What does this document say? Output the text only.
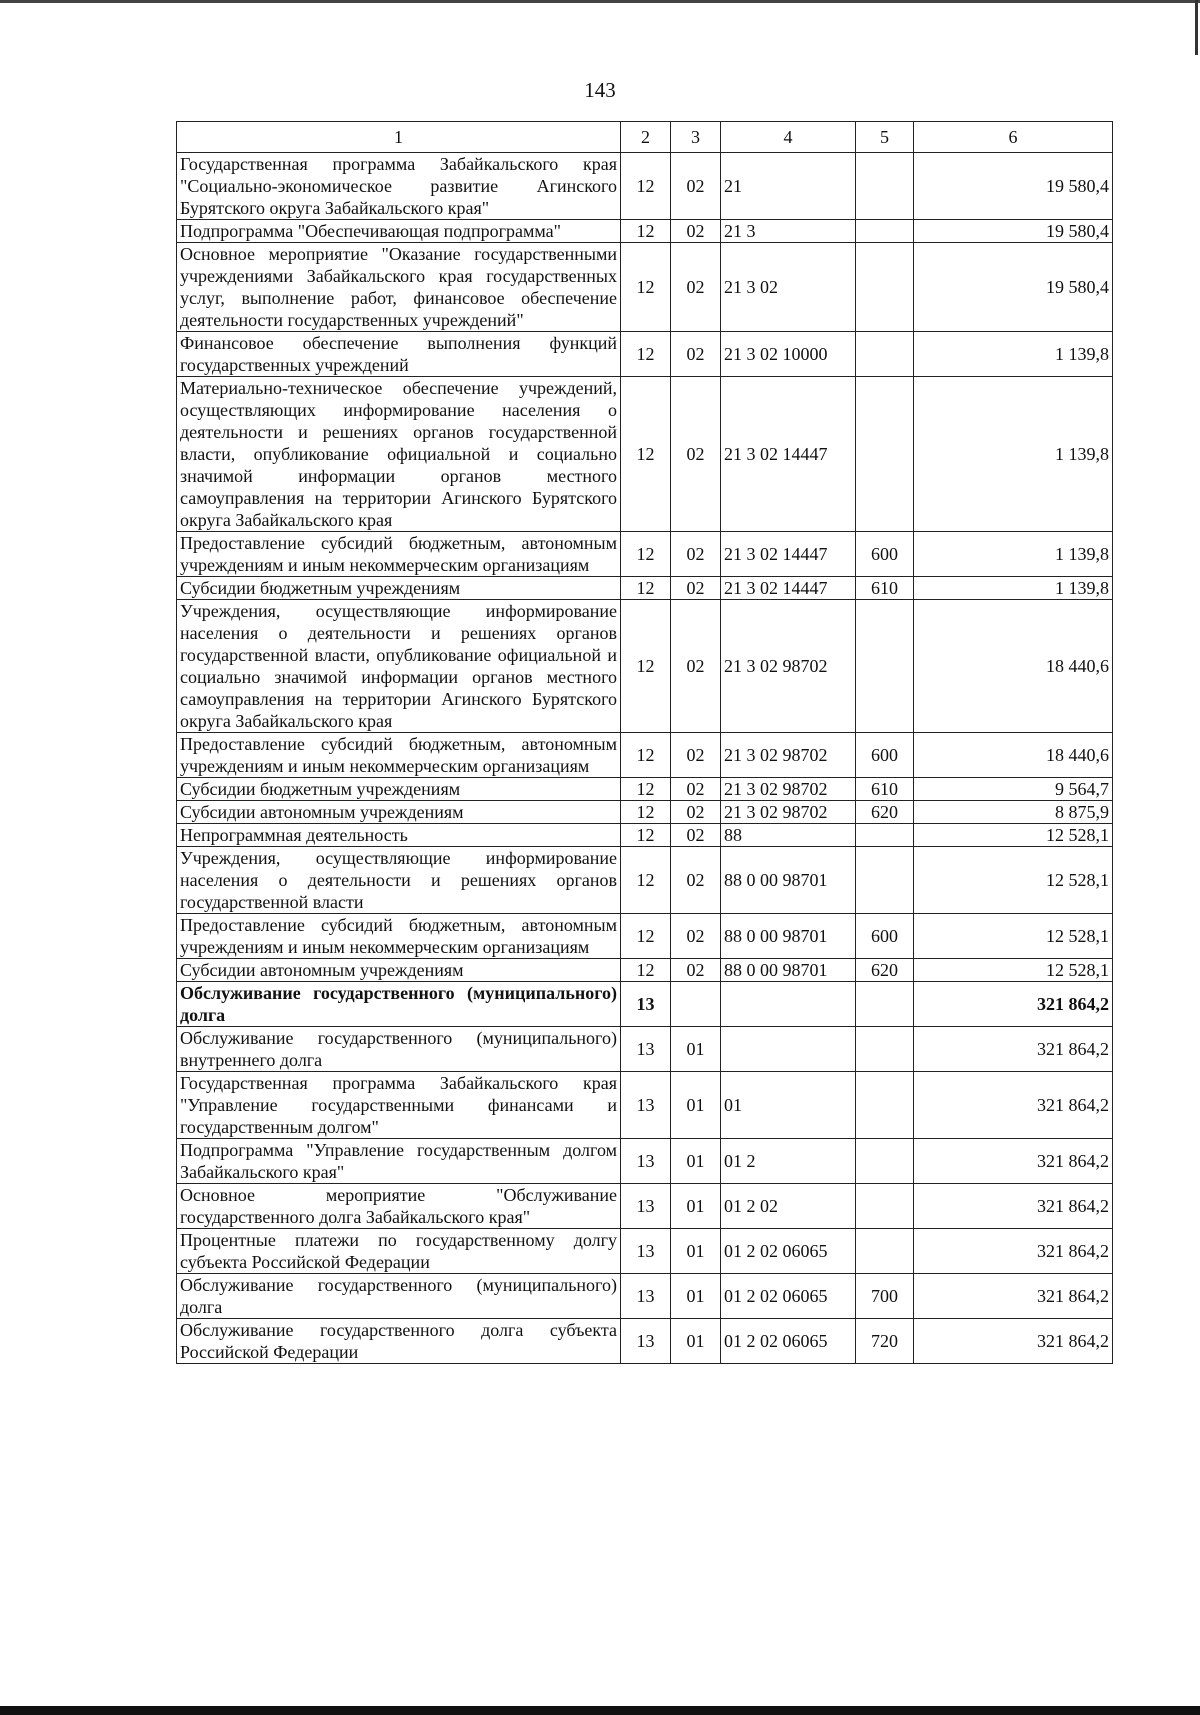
143
1	2	3	4	5	6
Государственная программа Забайкальского края "Социально-экономическое развитие Агинского Бурятского округа Забайкальского края"	12	02	21		19 580,4
Подпрограмма "Обеспечивающая подпрограмма"	12	02	21 3		19 580,4
Основное мероприятие "Оказание государственными учреждениями Забайкальского края государственных услуг, выполнение работ, финансовое обеспечение деятельности государственных учреждений"	12	02	21 3 02		19 580,4
Финансовое обеспечение выполнения функций государственных учреждений	12	02	21 3 02 10000		1 139,8
Материально-техническое обеспечение учреждений, осуществляющих информирование населения о деятельности и решениях органов государственной власти, опубликование официальной и социально значимой информации органов местного самоуправления на территории Агинского Бурятского округа Забайкальского края	12	02	21 3 02 14447		1 139,8
Предоставление субсидий бюджетным, автономным учреждениям и иным некоммерческим организациям	12	02	21 3 02 14447	600	1 139,8
Субсидии бюджетным учреждениям	12	02	21 3 02 14447	610	1 139,8
Учреждения, осуществляющие информирование населения о деятельности и решениях органов государственной власти, опубликование официальной и социально значимой информации органов местного самоуправления на территории Агинского Бурятского округа Забайкальского края	12	02	21 3 02 98702		18 440,6
Предоставление субсидий бюджетным, автономным учреждениям и иным некоммерческим организациям	12	02	21 3 02 98702	600	18 440,6
Субсидии бюджетным учреждениям	12	02	21 3 02 98702	610	9 564,7
Субсидии автономным учреждениям	12	02	21 3 02 98702	620	8 875,9
Непрограммная деятельность	12	02	88		12 528,1
Учреждения, осуществляющие информирование населения о деятельности и решениях органов государственной власти	12	02	88 0 00 98701		12 528,1
Предоставление субсидий бюджетным, автономным учреждениям и иным некоммерческим организациям	12	02	88 0 00 98701	600	12 528,1
Субсидии автономным учреждениям	12	02	88 0 00 98701	620	12 528,1
Обслуживание государственного (муниципального) долга	13				321 864,2
Обслуживание государственного (муниципального) внутреннего долга	13	01			321 864,2
Государственная программа Забайкальского края "Управление государственными финансами и государственным долгом"	13	01	01		321 864,2
Подпрограмма "Управление государственным долгом Забайкальского края"	13	01	01 2		321 864,2
Основное мероприятие "Обслуживание государственного долга Забайкальского края"	13	01	01 2 02		321 864,2
Процентные платежи по государственному долгу субъекта Российской Федерации	13	01	01 2 02 06065		321 864,2
Обслуживание государственного (муниципального) долга	13	01	01 2 02 06065	700	321 864,2
Обслуживание государственного долга субъекта Российской Федерации	13	01	01 2 02 06065	720	321 864,2
